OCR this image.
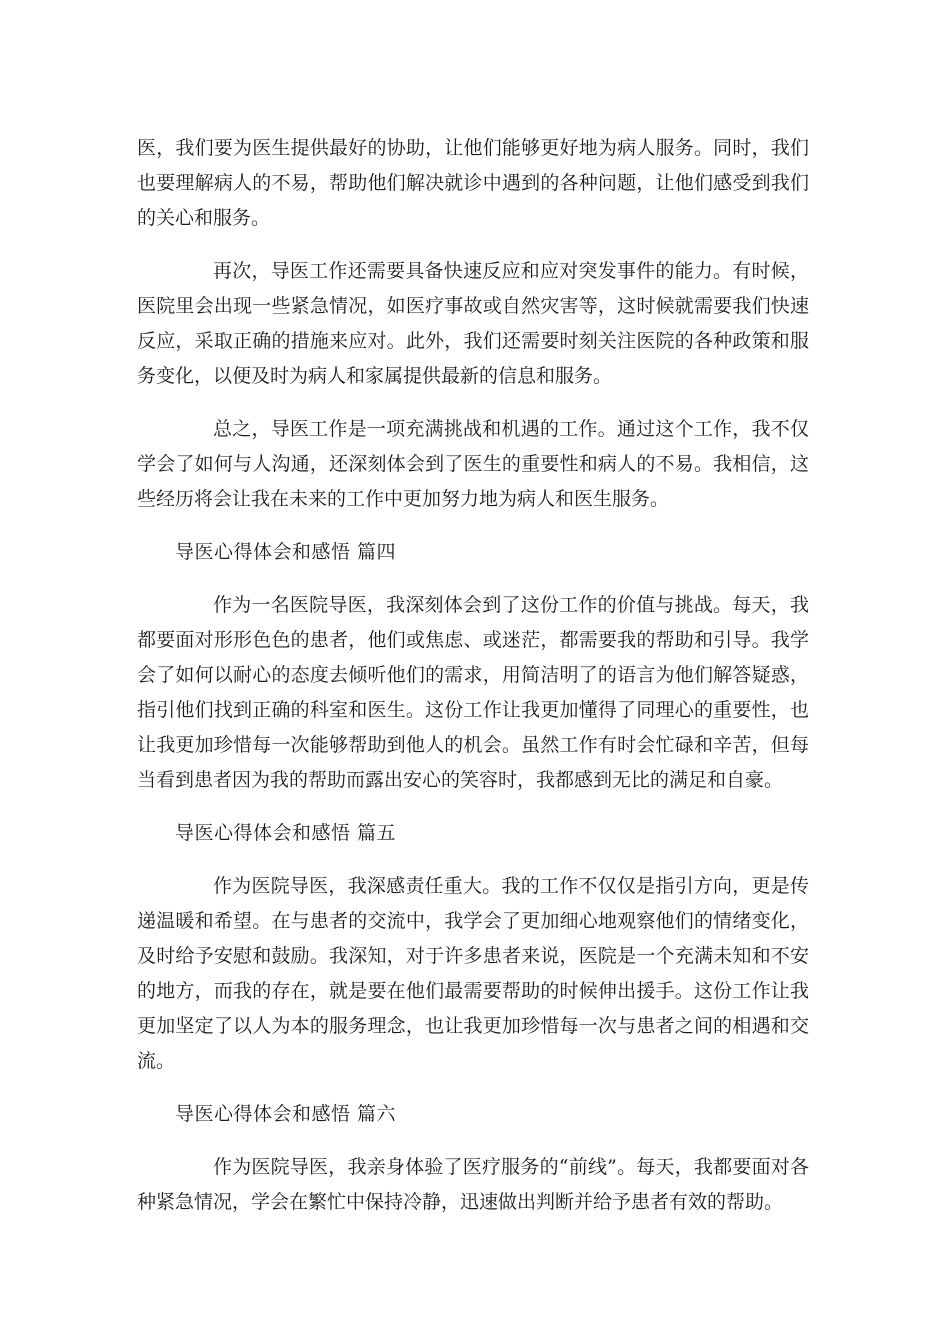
医，我们要为医生提供最好的协助，让他们能够更好地为病人服务。同时，我们也要理解病人的不易，帮助他们解决就诊中遇到的各种问题，让他们感受到我们的关心和服务。

再次，导医工作还需要具备快速反应和应对突发事件的能力。有时候，医院里会出现一些紧急情况，如医疗事故或自然灾害等，这时候就需要我们快速反应，采取正确的措施来应对。此外，我们还需要时刻关注医院的各种政策和服务变化，以便及时为病人和家属提供最新的信息和服务。

总之，导医工作是一项充满挑战和机遇的工作。通过这个工作，我不仅学会了如何与人沟通，还深刻体会到了医生的重要性和病人的不易。我相信，这些经历将会让我在未来的工作中更加努力地为病人和医生服务。

导医心得体会和感悟 篇四

作为一名医院导医，我深刻体会到了这份工作的价值与挑战。每天，我都要面对形形色色的患者，他们或焦虑、或迷茫，都需要我的帮助和引导。我学会了如何以耐心的态度去倾听他们的需求，用简洁明了的语言为他们解答疑惑，指引他们找到正确的科室和医生。这份工作让我更加懂得了同理心的重要性，也让我更加珍惜每一次能够帮助到他人的机会。虽然工作有时会忙碌和辛苦，但每当看到患者因为我的帮助而露出安心的笑容时，我都感到无比的满足和自豪。

导医心得体会和感悟 篇五

作为医院导医，我深感责任重大。我的工作不仅仅是指引方向，更是传递温暖和希望。在与患者的交流中，我学会了更加细心地观察他们的情绪变化，及时给予安慰和鼓励。我深知，对于许多患者来说，医院是一个充满未知和不安的地方，而我的存在，就是要在他们最需要帮助的时候伸出援手。这份工作让我更加坚定了以人为本的服务理念，也让我更加珍惜每一次与患者之间的相遇和交流。

导医心得体会和感悟 篇六

作为医院导医，我亲身体验了医疗服务的“前线”。每天，我都要面对各种紧急情况，学会在繁忙中保持冷静，迅速做出判断并给予患者有效的帮助。
